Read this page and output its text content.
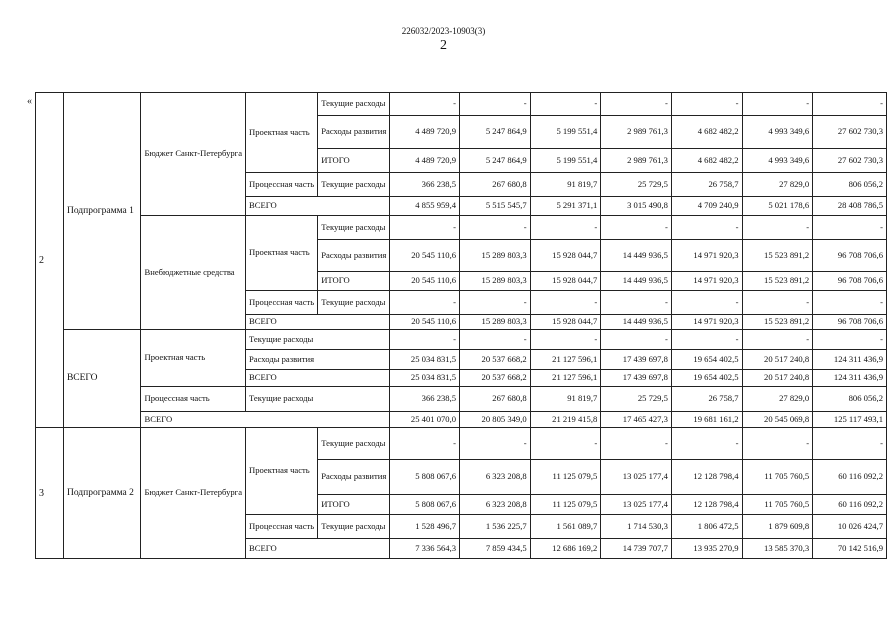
226032/2023-10903(3)
2
«
2	Подпрограмма 1	Бюджет Санкт-Петербурга	Проектная часть	Текущие расходы	-	-	-	-	-	-	-
				Расходы развития	4 489 720,9	5 247 864,9	5 199 551,4	2 989 761,3	4 682 482,2	4 993 349,6	27 602 730,3
				ИТОГО	4 489 720,9	5 247 864,9	5 199 551,4	2 989 761,3	4 682 482,2	4 993 349,6	27 602 730,3
			Процессная часть	Текущие расходы	366 238,5	267 680,8	91 819,7	25 729,5	26 758,7	27 829,0	806 056,2
			ВСЕГО		4 855 959,4	5 515 545,7	5 291 371,1	3 015 490,8	4 709 240,9	5 021 178,6	28 408 786,5
		Внебюджетные средства	Проектная часть	Текущие расходы	-	-	-	-	-	-	-
				Расходы развития	20 545 110,6	15 289 803,3	15 928 044,7	14 449 936,5	14 971 920,3	15 523 891,2	96 708 706,6
				ИТОГО	20 545 110,6	15 289 803,3	15 928 044,7	14 449 936,5	14 971 920,3	15 523 891,2	96 708 706,6
			Процессная часть	Текущие расходы	-	-	-	-	-	-	-
			ВСЕГО		20 545 110,6	15 289 803,3	15 928 044,7	14 449 936,5	14 971 920,3	15 523 891,2	96 708 706,6
	ВСЕГО	Проектная часть	Текущие расходы		-	-	-	-	-	-	-
			Расходы развития		25 034 831,5	20 537 668,2	21 127 596,1	17 439 697,8	19 654 402,5	20 517 240,8	124 311 436,9
			ВСЕГО		25 034 831,5	20 537 668,2	21 127 596,1	17 439 697,8	19 654 402,5	20 517 240,8	124 311 436,9
		Процессная часть	Текущие расходы		366 238,5	267 680,8	91 819,7	25 729,5	26 758,7	27 829,0	806 056,2
		ВСЕГО			25 401 070,0	20 805 349,0	21 219 415,8	17 465 427,3	19 681 161,2	20 545 069,8	125 117 493,1
3	Подпрограмма 2	Бюджет Санкт-Петербурга	Проектная часть	Текущие расходы	-	-	-	-	-	-	-
				Расходы развития	5 808 067,6	6 323 208,8	11 125 079,5	13 025 177,4	12 128 798,4	11 705 760,5	60 116 092,2
				ИТОГО	5 808 067,6	6 323 208,8	11 125 079,5	13 025 177,4	12 128 798,4	11 705 760,5	60 116 092,2
			Процессная часть	Текущие расходы	1 528 496,7	1 536 225,7	1 561 089,7	1 714 530,3	1 806 472,5	1 879 609,8	10 026 424,7
			ВСЕГО		7 336 564,3	7 859 434,5	12 686 169,2	14 739 707,7	13 935 270,9	13 585 370,3	70 142 516,9
